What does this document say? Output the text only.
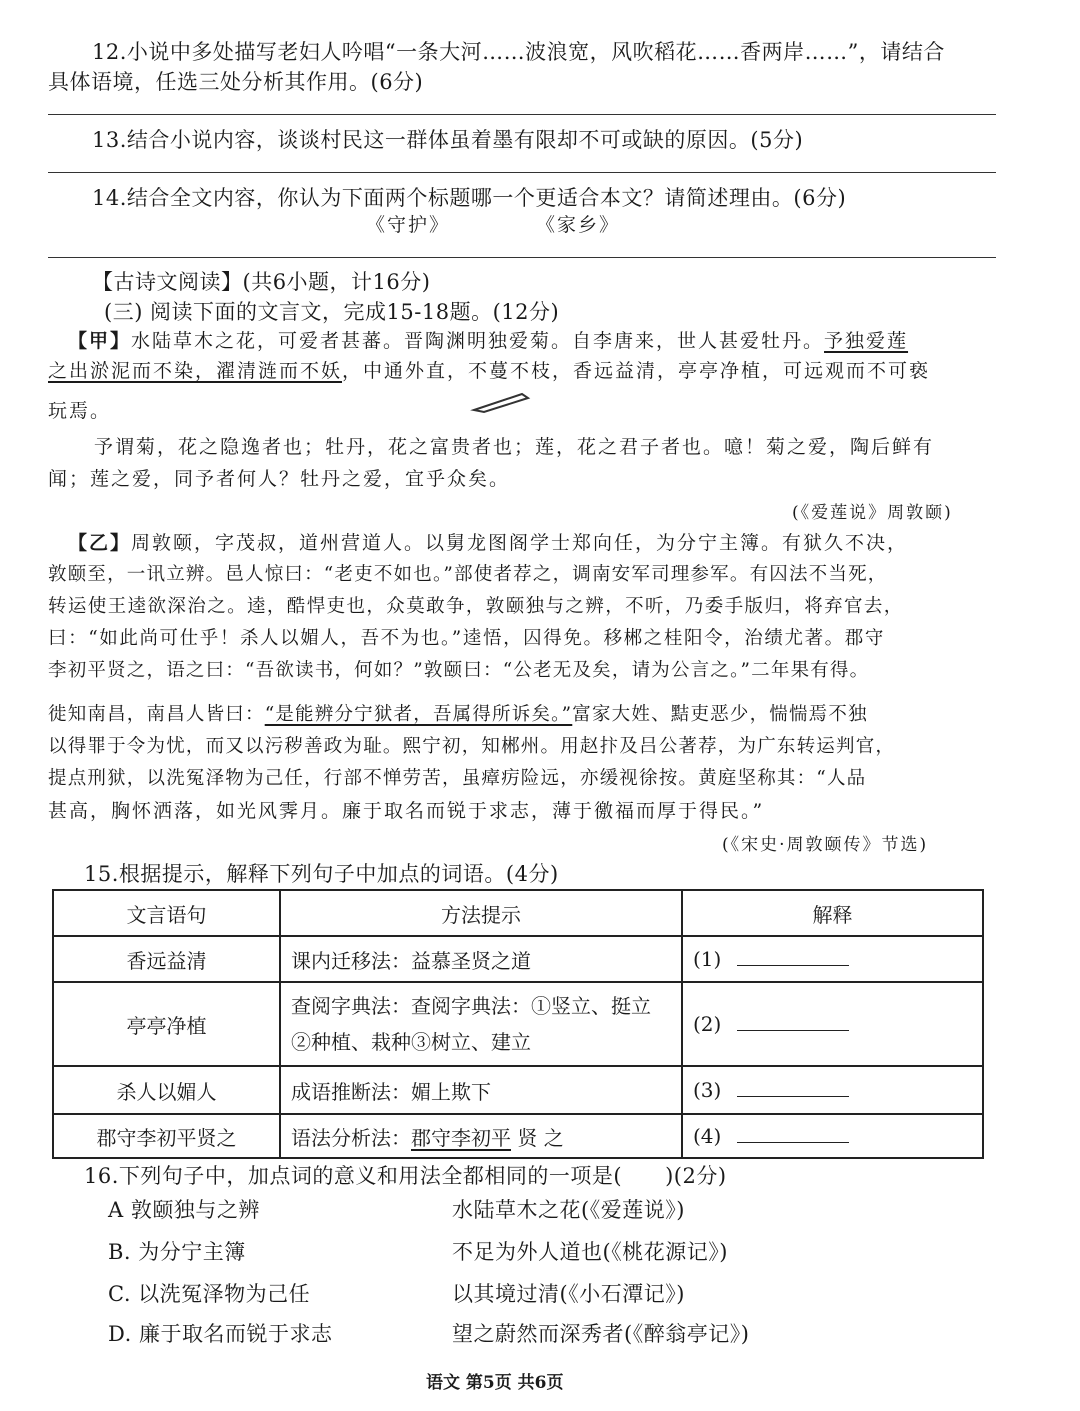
12.小说中多处描写老妇人吟唱“一条大河……波浪宽，风吹稻花……香两岸……”，请结合
具体语境，任选三处分析其作用。(6分)
13.结合小说内容，谈谈村民这一群体虽着墨有限却不可或缺的原因。(5分)
14.结合全文内容，你认为下面两个标题哪一个更适合本文？请简述理由。(6分)
《守护》	《家乡》
【古诗文阅读】(共6小题，计16分)
(三) 阅读下面的文言文，完成15-18题。(12分)
【甲】水陆草木之花，可爱者甚蕃。晋陶渊明独爱菊。自李唐来，世人甚爱牡丹。予独爱莲
之出淤泥而不染，濯清涟而不妖，中通外直，不蔓不枝，香远益清，亭亭净植，可远观而不可亵
玩焉。
予谓菊，花之隐逸者也；牡丹，花之富贵者也；莲，花之君子者也。噫！菊之爱，陶后鲜有
闻；莲之爱，同予者何人？牡丹之爱，宜乎众矣。
(《爱莲说》周敦颐)
【乙】周敦颐，字茂叔，道州营道人。以舅龙图阁学士郑向任，为分宁主簿。有狱久不决，
敦颐至，一讯立辨。邑人惊曰：“老吏不如也。”部使者荐之，调南安军司理参军。有囚法不当死，
转运使王逵欲深治之。逵，酷悍吏也，众莫敢争，敦颐独与之辨，不听，乃委手版归，将弃官去，
曰：“如此尚可仕乎！杀人以媚人，吾不为也。”逵悟，囚得免。移郴之桂阳令，治绩尤著。郡守
李初平贤之，语之曰：“吾欲读书，何如？”敦颐曰：“公老无及矣，请为公言之。”二年果有得。
徙知南昌，南昌人皆曰：“是能辨分宁狱者，吾属得所诉矣。”富家大姓、黠吏恶少，惴惴焉不独
以得罪于令为忧，而又以污秽善政为耻。熙宁初，知郴州。用赵抃及吕公著荐，为广东转运判官，
提点刑狱，以洗冤泽物为己任，行部不惮劳苦，虽瘴疠险远，亦缓视徐按。黄庭坚称其：“人品
甚高，胸怀洒落，如光风霁月。廉于取名而锐于求志，薄于徼福而厚于得民。”
(《宋史·周敦颐传》节选)
15.根据提示，解释下列句子中加点的词语。(4分)
文言语句	方法提示	解释
香远益清	课内迁移法：益慕圣贤之道	(1)
亭亭净植	查阅字典法：查阅字典法：①竖立、挺立 ②种植、栽种③树立、建立	(2)
杀人以媚人	成语推断法：媚上欺下	(3)
郡守李初平贤之	语法分析法：郡守李初平 贤 之	(4)
16.下列句子中，加点词的意义和用法全都相同的一项是(　　)(2分)
A 敦颐独与之辨	水陆草木之花(《爱莲说》)
B. 为分宁主簿	不足为外人道也(《桃花源记》)
C. 以洗冤泽物为己任	以其境过清(《小石潭记》)
D. 廉于取名而锐于求志	望之蔚然而深秀者(《醉翁亭记》)
语文 第5页 共6页
